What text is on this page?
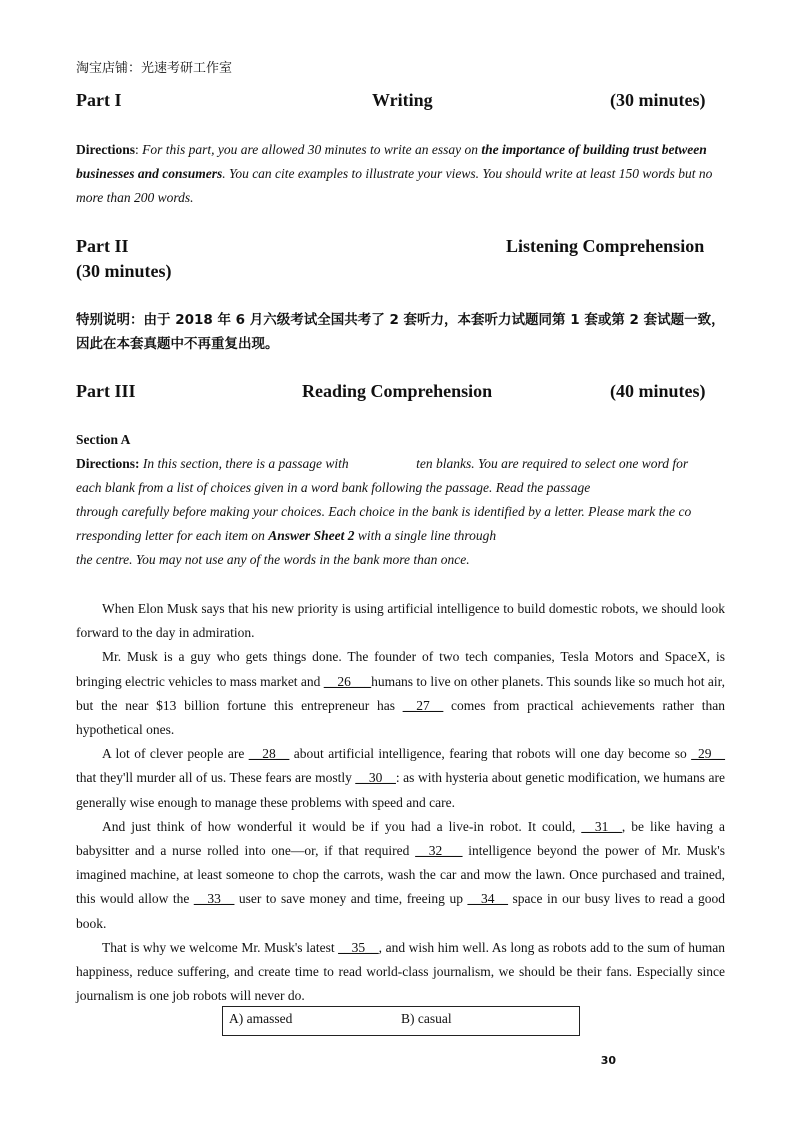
淘宝店铺：光速考研工作室
Part I	Writing	(30 minutes)
Directions: For this part, you are allowed 30 minutes to write an essay on the importance of building trust between businesses and consumers. You can cite examples to illustrate your views. You should write at least 150 words but no more than 200 words.
Part II	Listening Comprehension
(30 minutes)
特别说明：由于 2018 年 6 月六级考试全国共考了 2 套听力，本套听力试题同第 1 套或第 2 套试题一致，因此在本套真题中不再重复出现。
Part III	Reading Comprehension	(40 minutes)
Section A
Directions: In this section, there is a passage with                    ten blanks. You are required to select one word for
each blank from a list of choices given in a word bank following the passage. Read the passage
through carefully before making your choices. Each choice in the bank is identified by a letter. Please mark the co
rresponding letter for each item on Answer Sheet 2 with a single line through
the centre. You may not use any of the words in the bank more than once.

When Elon Musk says that his new priority is using artificial intelligence to build domestic robots, we should look forward to the day in admiration.

Mr. Musk is a guy who gets things done. The founder of two tech companies, Tesla Motors and SpaceX, is bringing electric vehicles to mass market and __26___humans to live on other planets. This sounds like so much hot air, but the near $13 billion fortune this entrepreneur has __27__ comes from practical achievements rather than hypothetical ones.

A lot of clever people are __28__ about artificial intelligence, fearing that robots will one day become so _29__ that they'll murder all of us. These fears are mostly __30__: as with hysteria about genetic modification, we humans are generally wise enough to manage these problems with speed and care.

And just think of how wonderful it would be if you had a live-in robot. It could, __31__, be like having a babysitter and a nurse rolled into one—or, if that required __32___ intelligence beyond the power of Mr. Musk's imagined machine, at least someone to chop the carrots, wash the car and mow the lawn. Once purchased and trained, this would allow the __33__ user to save money and time, freeing up __34__ space in our busy lives to read a good book.

That is why we welcome Mr. Musk's latest __35__, and wish him well. As long as robots add to the sum of human happiness, reduce suffering, and create time to read world-class journalism, we should be their fans. Especially since journalism is one job robots will never do.

A) amassed	B) casual
30
